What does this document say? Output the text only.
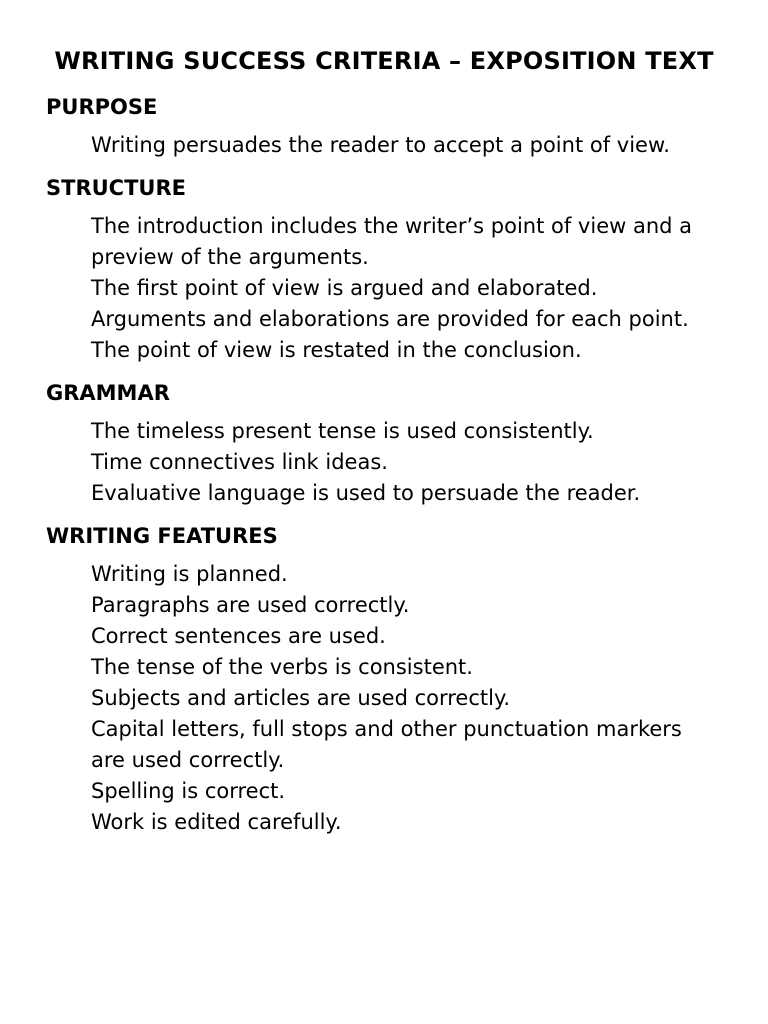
WRITING SUCCESS CRITERIA – EXPOSITION TEXT
PURPOSE
Writing persuades the reader to accept a point of view.
STRUCTURE
The introduction includes the writer’s point of view and a preview of the arguments.
The first point of view is argued and elaborated.
Arguments and elaborations are provided for each point.
The point of view is restated in the conclusion.
GRAMMAR
The timeless present tense is used consistently.
Time connectives link ideas.
Evaluative language is used to persuade the reader.
WRITING FEATURES
Writing is planned.
Paragraphs are used correctly.
Correct sentences are used.
The tense of the verbs is consistent.
Subjects and articles are used correctly.
Capital letters, full stops and other punctuation markers are used correctly.
Spelling is correct.
Work is edited carefully.
